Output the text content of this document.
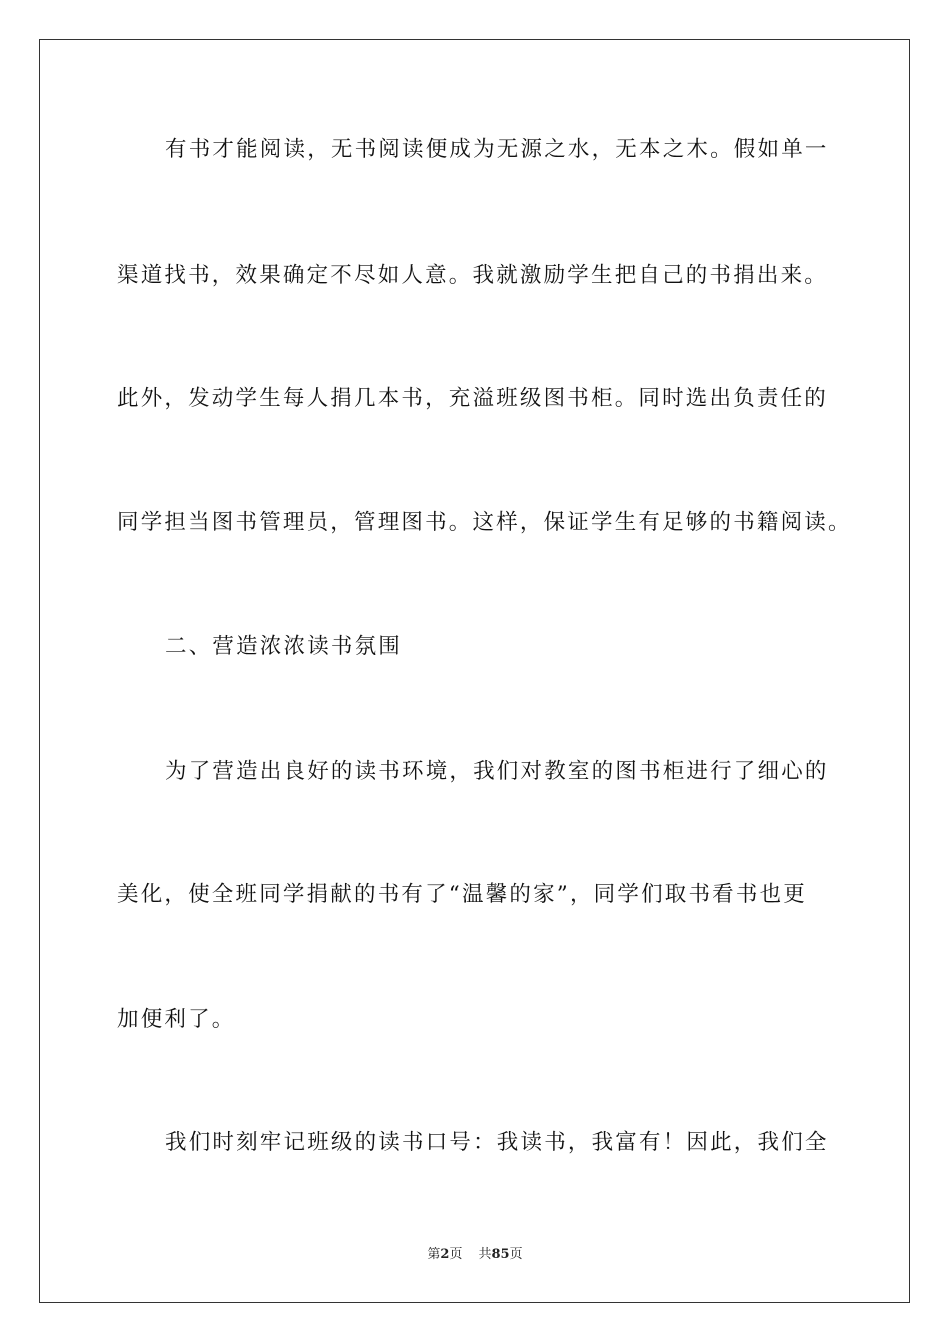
有书才能阅读，无书阅读便成为无源之水，无本之木。假如单一
渠道找书，效果确定不尽如人意。我就激励学生把自己的书捐出来。
此外，发动学生每人捐几本书，充溢班级图书柜。同时选出负责任的
同学担当图书管理员，管理图书。这样，保证学生有足够的书籍阅读。
二、营造浓浓读书氛围
为了营造出良好的读书环境，我们对教室的图书柜进行了细心的
美化，使全班同学捐献的书有了“温馨的家”，同学们取书看书也更
加便利了。
我们时刻牢记班级的读书口号：我读书，我富有！因此，我们全
第2页 共85页
